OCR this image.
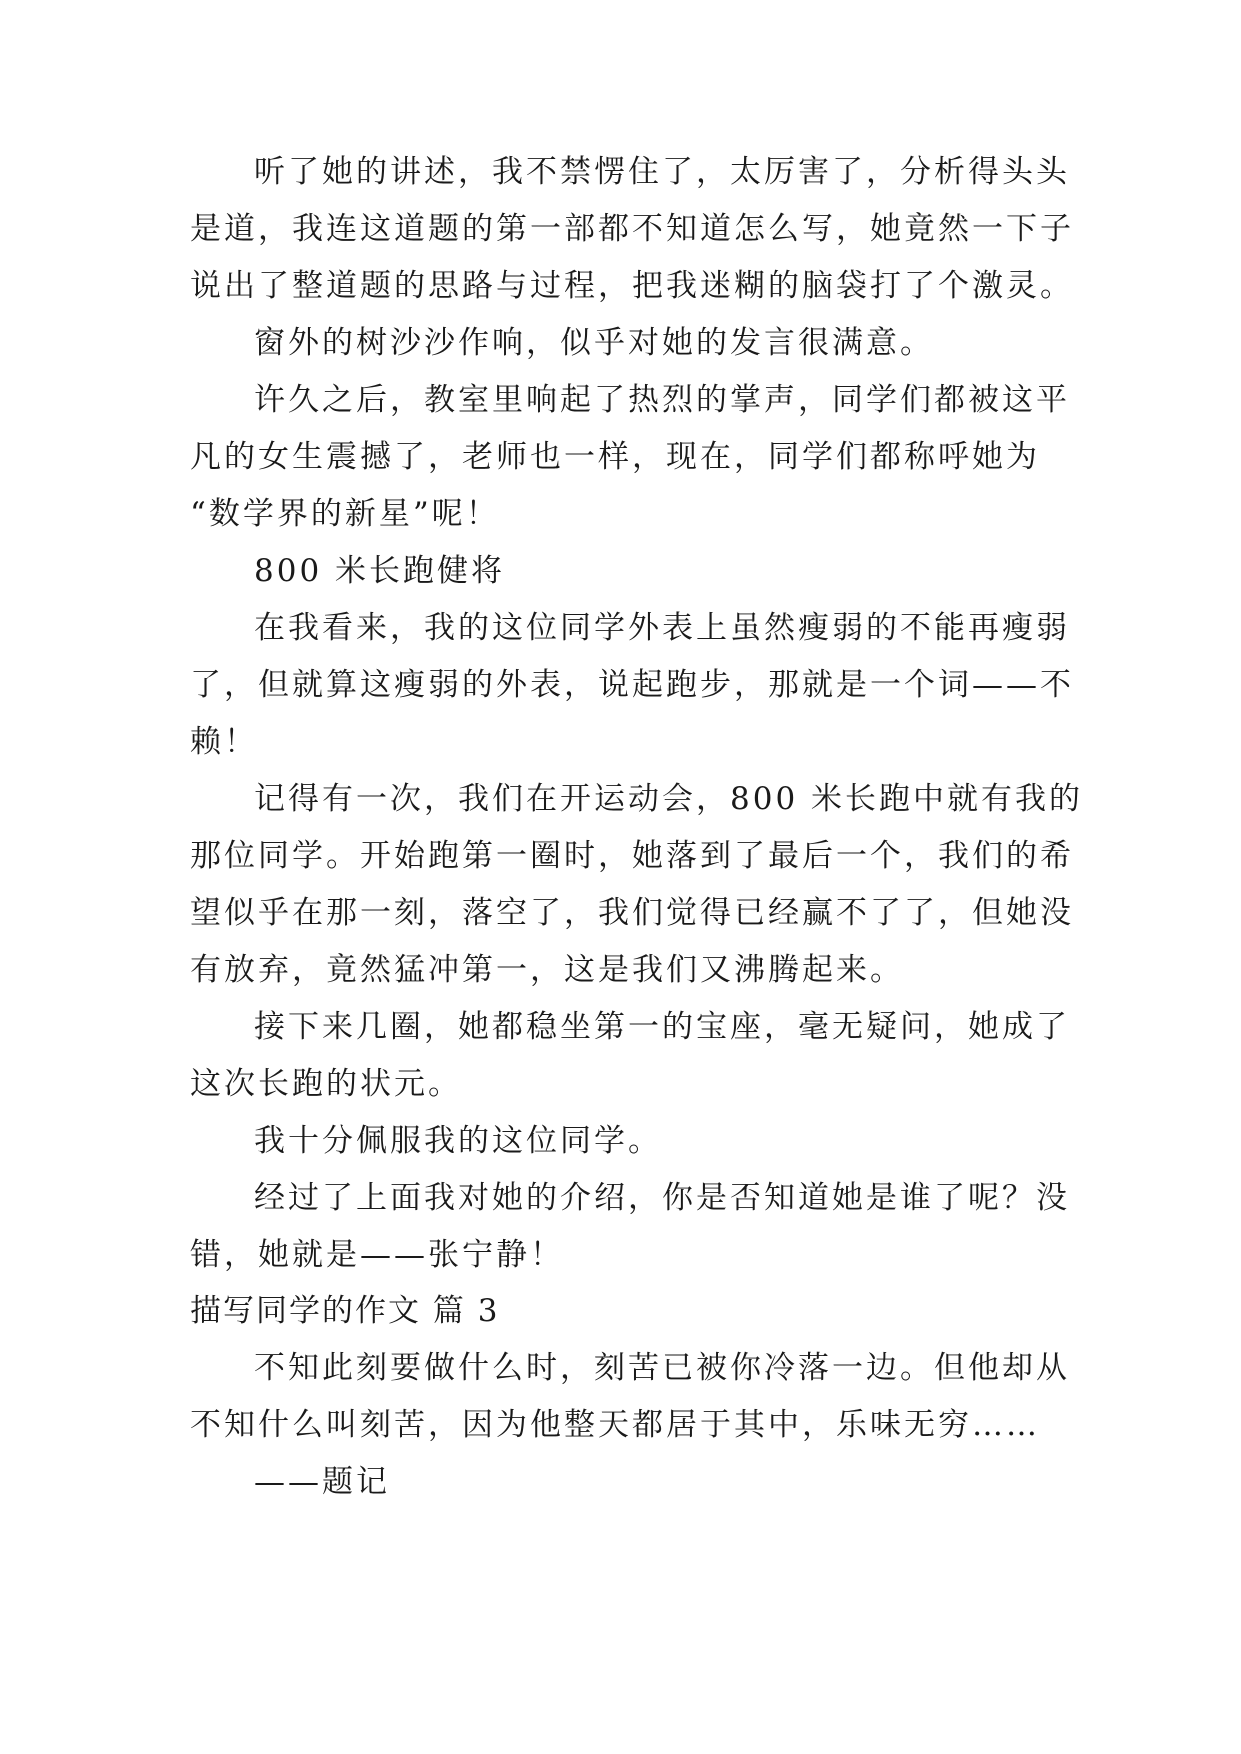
听了她的讲述，我不禁愣住了，太厉害了，分析得头头
是道，我连这道题的第一部都不知道怎么写，她竟然一下子
说出了整道题的思路与过程，把我迷糊的脑袋打了个激灵。
窗外的树沙沙作响，似乎对她的发言很满意。
许久之后，教室里响起了热烈的掌声，同学们都被这平
凡的女生震撼了，老师也一样，现在，同学们都称呼她为
“数学界的新星”呢！
800 米长跑健将
在我看来，我的这位同学外表上虽然瘦弱的不能再瘦弱
了，但就算这瘦弱的外表，说起跑步，那就是一个词——不
赖！
记得有一次，我们在开运动会，800 米长跑中就有我的
那位同学。开始跑第一圈时，她落到了最后一个，我们的希
望似乎在那一刻，落空了，我们觉得已经赢不了了，但她没
有放弃，竟然猛冲第一，这是我们又沸腾起来。
接下来几圈，她都稳坐第一的宝座，毫无疑问，她成了
这次长跑的状元。
我十分佩服我的这位同学。
经过了上面我对她的介绍，你是否知道她是谁了呢？没
错，她就是——张宁静！
描写同学的作文 篇 3
不知此刻要做什么时，刻苦已被你冷落一边。但他却从
不知什么叫刻苦，因为他整天都居于其中，乐味无穷……
——题记
